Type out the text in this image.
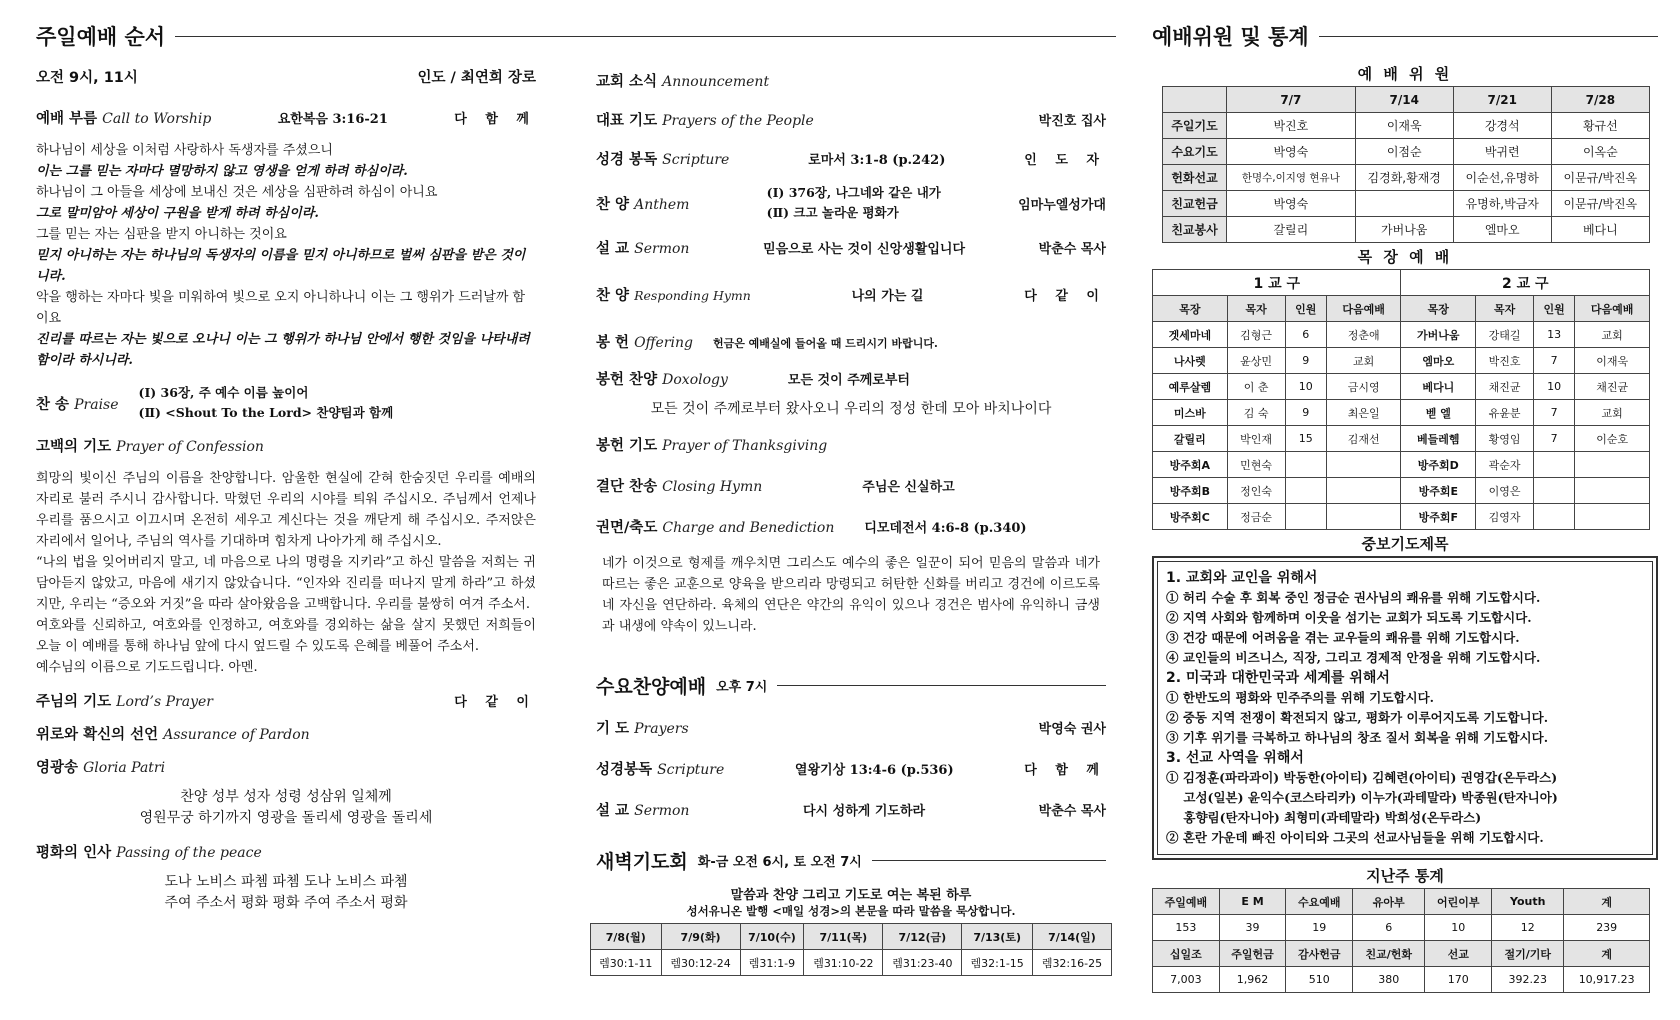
주일예배 순서
오전 9시, 11시	인도 / 최연희 장로
예배 부름 Call to Worship	요한복음 3:16-21	다 함 께

하나님이 세상을 이처럼 사랑하사 독생자를 주셨으니

이는 그를 믿는 자마다 멸망하지 않고 영생을 얻게 하려 하심이라.

하나님이 그 아들을 세상에 보내신 것은 세상을 심판하려 하심이 아니요

그로 말미암아 세상이 구원을 받게 하려 하심이라.

그를 믿는 자는 심판을 받지 아니하는 것이요

믿지 아니하는 자는 하나님의 독생자의 이름을 믿지 아니하므로 벌써 심판을 받은 것이니라.

악을 행하는 자마다 빛을 미워하여 빛으로 오지 아니하나니 이는 그 행위가 드러날까 함이요

진리를 따르는 자는 빛으로 오나니 이는 그 행위가 하나님 안에서 행한 것임을 나타내려 함이라 하시니라.

찬 송 Praise
(Ⅰ) 36장, 주 예수 이름 높이어
(Ⅱ) <Shout To the Lord> 찬양팀과 함께
고백의 기도 Prayer of Confession

희망의 빛이신 주님의 이름을 찬양합니다. 암울한 현실에 갇혀 한숨짓던 우리를 예배의 자리로 불러 주시니 감사합니다. 막혔던 우리의 시야를 틔워 주십시오. 주님께서 언제나 우리를 품으시고 이끄시며 온전히 세우고 계신다는 것을 깨닫게 해 주십시오. 주저앉은 자리에서 일어나, 주님의 역사를 기대하며 힘차게 나아가게 해 주십시오.

“나의 법을 잊어버리지 말고, 네 마음으로 나의 명령을 지키라”고 하신 말씀을 저희는 귀담아듣지 않았고, 마음에 새기지 않았습니다. “인자와 진리를 떠나지 말게 하라”고 하셨지만, 우리는 “증오와 거짓”을 따라 살아왔음을 고백합니다. 우리를 불쌍히 여겨 주소서.

여호와를 신뢰하고, 여호와를 인정하고, 여호와를 경외하는 삶을 살지 못했던 저희들이 오늘 이 예배를 통해 하나님 앞에 다시 엎드릴 수 있도록 은혜를 베풀어 주소서.

예수님의 이름으로 기도드립니다. 아멘.

주님의 기도 Lord’s Prayer	다 같 이
위로와 확신의 선언 Assurance of Pardon
영광송 Gloria Patri
찬양 성부 성자 성령 성삼위 일체께
영원무궁 하기까지 영광을 돌리세 영광을 돌리세
평화의 인사 Passing of the peace
도나 노비스 파쳄 파쳄 도나 노비스 파쳄
주여 주소서 평화 평화 주여 주소서 평화
교회 소식 Announcement
대표 기도 Prayers of the People	박진호 집사
성경 봉독 Scripture	로마서 3:1-8 (p.242)	인 도 자
찬 양 Anthem
(Ⅰ) 376장, 나그네와 같은 내가
(Ⅱ) 크고 놀라운 평화가	임마누엘성가대
설 교 Sermon	믿음으로 사는 것이 신앙생활입니다	박춘수 목사
찬 양 Responding Hymn	나의 가는 길	다 같 이
봉 헌 Offering 헌금은 예배실에 들어올 때 드리시기 바랍니다.
봉헌 찬양 Doxology	모든 것이 주께로부터
모든 것이 주께로부터 왔사오니 우리의 정성 한데 모아 바치나이다
봉헌 기도 Prayer of Thanksgiving
결단 찬송 Closing Hymn	주님은 신실하고
권면/축도 Charge and Benediction 디모데전서 4:6-8 (p.340)
네가 이것으로 형제를 깨우치면 그리스도 예수의 좋은 일꾼이 되어 믿음의 말씀과 네가 따르는 좋은 교훈으로 양육을 받으리라 망령되고 허탄한 신화를 버리고 경건에 이르도록 네 자신을 연단하라. 육체의 연단은 약간의 유익이 있으나 경건은 범사에 유익하니 금생과 내생에 약속이 있느니라.
수요찬양예배 오후 7시
기 도 Prayers	박영숙 권사
성경봉독 Scripture	열왕기상 13:4-6 (p.536)	다 함 께
설 교 Sermon	다시 성하게 기도하라	박춘수 목사
새벽기도회 화-금 오전 6시, 토 오전 7시
말씀과 찬양 그리고 기도로 여는 복된 하루
성서유니온 발행 <매일 성경>의 본문을 따라 말씀을 묵상합니다.
7/8(월)	7/9(화)	7/10(수)	7/11(목)	7/12(금)	7/13(토)	7/14(일)
렘30:1-11	렘30:12-24	렘31:1-9	렘31:10-22	렘31:23-40	렘32:1-15	렘32:16-25
예배위원 및 통계
예 배 위 원
	7/7	7/14	7/21	7/28
주일기도	박진호	이재욱	강경석	황규선
수요기도	박영숙	이점순	박귀련	이옥순
헌화선교	한명수,이지영 현유나	김경화,황재경	이순선,유명하	이문규/박진옥
친교헌금	박영숙		유명하,박금자	이문규/박진옥
친교봉사	갈릴리	가버나움	엘마오	베다니
목 장 예 배
1 교 구				2 교 구			
목장	목자	인원	다음예배	목장	목자	인원	다음예배
겟세마네	김형근	6	정춘애	가버나움	강태길	13	교회
나사렛	윤상민	9	교회	엠마오	박진호	7	이재욱
예루살렘	이 춘	10	금시영	베다니	채진균	10	채진균
미스바	김 숙	9	최은일	벧 엘	유윤분	7	교회
갈릴리	박인재	15	김재선	베들레헴	황영임	7	이순호
방주회A	민현숙			방주회D	곽순자		
방주회B	정인숙			방주회E	이영은		
방주회C	정금순			방주회F	김영자		
중보기도제목
1. 교회와 교인을 위해서
① 허리 수술 후 회복 중인 정금순 권사님의 쾌유를 위해 기도합시다.
② 지역 사회와 함께하며 이웃을 섬기는 교회가 되도록 기도합시다.
③ 건강 때문에 어려움을 겪는 교우들의 쾌유를 위해 기도합시다.
④ 교인들의 비즈니스, 직장, 그리고 경제적 안정을 위해 기도합시다.
2. 미국과 대한민국과 세계를 위해서
① 한반도의 평화와 민주주의를 위해 기도합시다.
② 중동 지역 전쟁이 확전되지 않고, 평화가 이루어지도록 기도합니다.
③ 기후 위기를 극복하고 하나님의 창조 질서 회복을 위해 기도합시다.
3. 선교 사역을 위해서
① 김정훈(파라과이) 박동한(아이티) 김혜련(아이티) 권영갑(온두라스)
고성(일본) 윤익수(코스타리카) 이누가(과테말라) 박종원(탄자니아)
홍향림(탄자니아) 최형미(과테말라) 박희성(온두라스)
② 혼란 가운데 빠진 아이티와 그곳의 선교사님들을 위해 기도합시다.
지난주 통계
주일예배	E M	수요예배	유아부	어린이부	Youth	계
153	39	19	6	10	12	239
십일조	주일헌금	감사헌금	친교/헌화	선교	절기/기타	계
7,003	1,962	510	380	170	392.23	10,917.23
